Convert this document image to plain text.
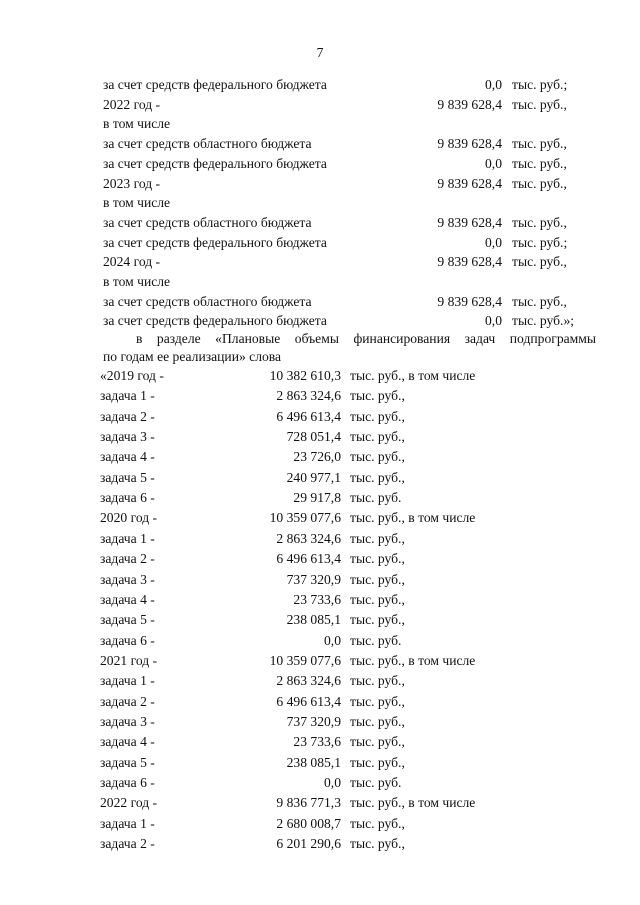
7
за счет средств федерального бюджета	0,0 тыс. руб.;
2022 год -	9 839 628,4 тыс. руб.,
в том числе
за счет средств областного бюджета	9 839 628,4 тыс. руб.,
за счет средств федерального бюджета	0,0 тыс. руб.,
2023 год -	9 839 628,4 тыс. руб.,
в том числе
за счет средств областного бюджета	9 839 628,4 тыс. руб.,
за счет средств федерального бюджета	0,0 тыс. руб.;
2024 год -	9 839 628,4 тыс. руб.,
в том числе
за счет средств областного бюджета	9 839 628,4 тыс. руб.,
за счет средств федерального бюджета	0,0 тыс. руб.»;
в разделе «Плановые объемы финансирования задач подпрограммы
по годам ее реализации» слова
«2019 год -	10 382 610,3 тыс. руб., в том числе
задача 1 -	2 863 324,6 тыс. руб.,
задача 2 -	6 496 613,4 тыс. руб.,
задача 3 -	728 051,4 тыс. руб.,
задача 4 -	23 726,0 тыс. руб.,
задача 5 -	240 977,1 тыс. руб.,
задача 6 -	29 917,8 тыс. руб.
2020 год -	10 359 077,6 тыс. руб., в том числе
задача 1 -	2 863 324,6 тыс. руб.,
задача 2 -	6 496 613,4 тыс. руб.,
задача 3 -	737 320,9 тыс. руб.,
задача 4 -	23 733,6 тыс. руб.,
задача 5 -	238 085,1 тыс. руб.,
задача 6 -	0,0 тыс. руб.
2021 год -	10 359 077,6 тыс. руб., в том числе
задача 1 -	2 863 324,6 тыс. руб.,
задача 2 -	6 496 613,4 тыс. руб.,
задача 3 -	737 320,9 тыс. руб.,
задача 4 -	23 733,6 тыс. руб.,
задача 5 -	238 085,1 тыс. руб.,
задача 6 -	0,0 тыс. руб.
2022 год -	9 836 771,3 тыс. руб., в том числе
задача 1 -	2 680 008,7 тыс. руб.,
задача 2 -	6 201 290,6 тыс. руб.,
